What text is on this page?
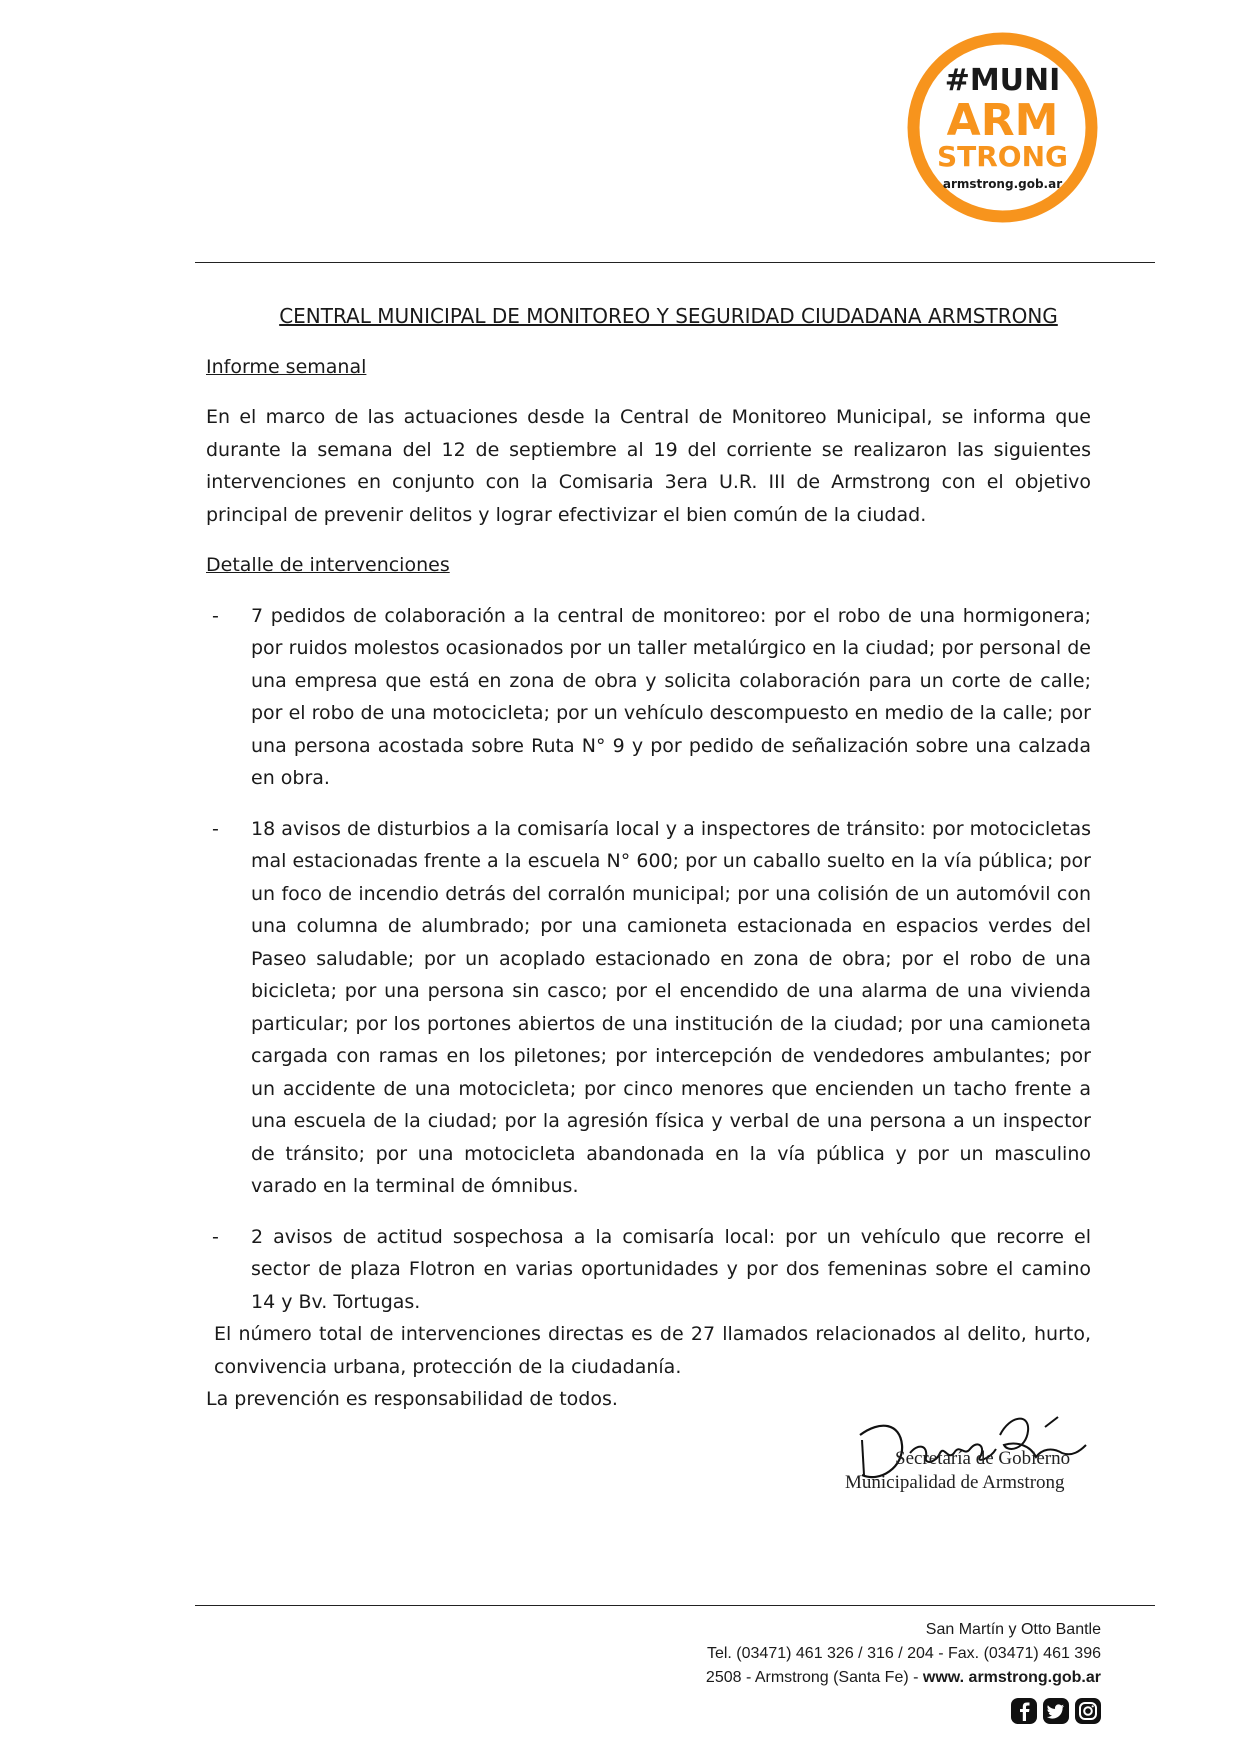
#MUNI
ARM
STRONG
armstrong.gob.ar
CENTRAL MUNICIPAL DE MONITOREO Y SEGURIDAD CIUDADANA ARMSTRONG

Informe semanal

En el marco de las actuaciones desde la Central de Monitoreo Municipal, se informa que durante la semana del 12 de septiembre al 19 del corriente se realizaron las siguientes intervenciones en conjunto con la Comisaria 3era U.R. III de Armstrong con el objetivo principal de prevenir delitos y lograr efectivizar el bien común de la ciudad.

Detalle de intervenciones

- 7 pedidos de colaboración a la central de monitoreo: por el robo de una hormigonera; por ruidos molestos ocasionados por un taller metalúrgico en la ciudad; por personal de una empresa que está en zona de obra y solicita colaboración para un corte de calle; por el robo de una motocicleta; por un vehículo descompuesto en medio de la calle; por una persona acostada sobre Ruta N° 9 y por pedido de señalización sobre una calzada en obra.
- 18 avisos de disturbios a la comisaría local y a inspectores de tránsito: por motocicletas mal estacionadas frente a la escuela N° 600; por un caballo suelto en la vía pública; por un foco de incendio detrás del corralón municipal; por una colisión de un automóvil con una columna de alumbrado; por una camioneta estacionada en espacios verdes del Paseo saludable; por un acoplado estacionado en zona de obra; por el robo de una bicicleta; por una persona sin casco; por el encendido de una alarma de una vivienda particular; por los portones abiertos de una institución de la ciudad; por una camioneta cargada con ramas en los piletones; por intercepción de vendedores ambulantes; por un accidente de una motocicleta; por cinco menores que encienden un tacho frente a una escuela de la ciudad; por la agresión física y verbal de una persona a un inspector de tránsito; por una motocicleta abandonada en la vía pública y por un masculino varado en la terminal de ómnibus.
- 2 avisos de actitud sospechosa a la comisaría local: por un vehículo que recorre el sector de plaza Flotron en varias oportunidades y por dos femeninas sobre el camino 14 y Bv. Tortugas.

El número total de intervenciones directas es de 27 llamados relacionados al delito, hurto, convivencia urbana, protección de la ciudadanía.

La prevención es responsabilidad de todos.

Secretaría de Gobierno
Municipalidad de Armstrong
San Martín y Otto Bantle
Tel. (03471) 461 326 / 316 / 204 - Fax. (03471) 461 396
2508 - Armstrong (Santa Fe) - www. armstrong.gob.ar
